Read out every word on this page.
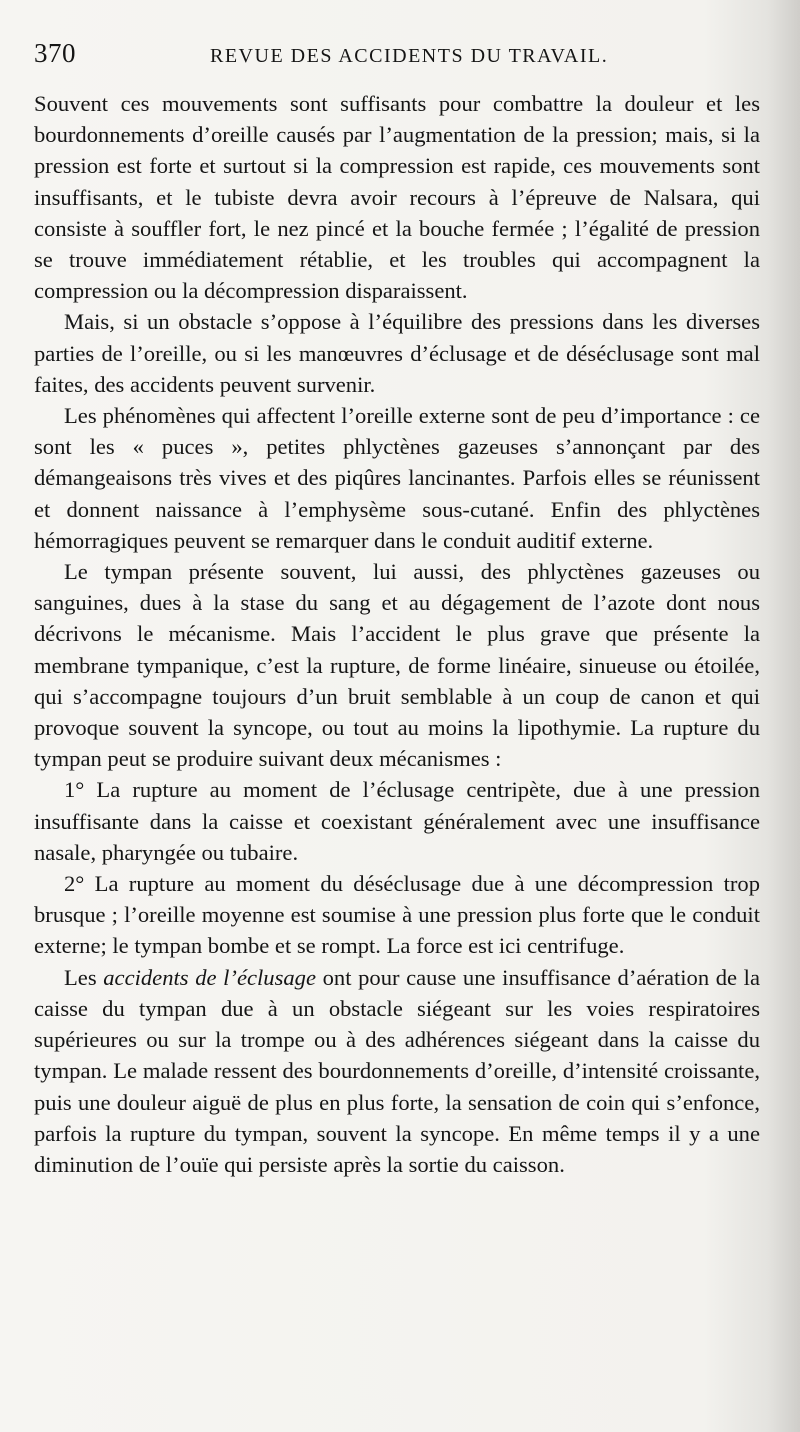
370	REVUE DES ACCIDENTS DU TRAVAIL.

Souvent ces mouvements sont suffisants pour combattre la douleur et les bourdonnements d’oreille causés par l’augmentation de la pression; mais, si la pression est forte et surtout si la compression est rapide, ces mouvements sont insuffisants, et le tubiste devra avoir recours à l’épreuve de Nalsara, qui consiste à souffler fort, le nez pincé et la bouche fermée ; l’égalité de pression se trouve immédiatement rétablie, et les troubles qui accompagnent la compression ou la décompression disparaissent.

Mais, si un obstacle s’oppose à l’équilibre des pressions dans les diverses parties de l’oreille, ou si les manœuvres d’éclusage et de déséclusage sont mal faites, des accidents peuvent survenir.

Les phénomènes qui affectent l’oreille externe sont de peu d’importance : ce sont les « puces », petites phlyctènes gazeuses s’annonçant par des démangeaisons très vives et des piqûres lancinantes. Parfois elles se réunissent et donnent naissance à l’emphysème sous-cutané. Enfin des phlyctènes hémorragiques peuvent se remarquer dans le conduit auditif externe.

Le tympan présente souvent, lui aussi, des phlyctènes gazeuses ou sanguines, dues à la stase du sang et au dégagement de l’azote dont nous décrivons le mécanisme. Mais l’accident le plus grave que présente la membrane tympanique, c’est la rupture, de forme linéaire, sinueuse ou étoilée, qui s’accompagne toujours d’un bruit semblable à un coup de canon et qui provoque souvent la syncope, ou tout au moins la lipothymie. La rupture du tympan peut se produire suivant deux mécanismes :

1° La rupture au moment de l’éclusage centripète, due à une pression insuffisante dans la caisse et coexistant généralement avec une insuffisance nasale, pharyngée ou tubaire.

2° La rupture au moment du déséclusage due à une décompression trop brusque ; l’oreille moyenne est soumise à une pression plus forte que le conduit externe; le tympan bombe et se rompt. La force est ici centrifuge.

Les accidents de l’éclusage ont pour cause une insuffisance d’aération de la caisse du tympan due à un obstacle siégeant sur les voies respiratoires supérieures ou sur la trompe ou à des adhérences siégeant dans la caisse du tympan. Le malade ressent des bourdonnements d’oreille, d’intensité croissante, puis une douleur aiguë de plus en plus forte, la sensation de coin qui s’enfonce, parfois la rupture du tympan, souvent la syncope. En même temps il y a une diminution de l’ouïe qui persiste après la sortie du caisson.
